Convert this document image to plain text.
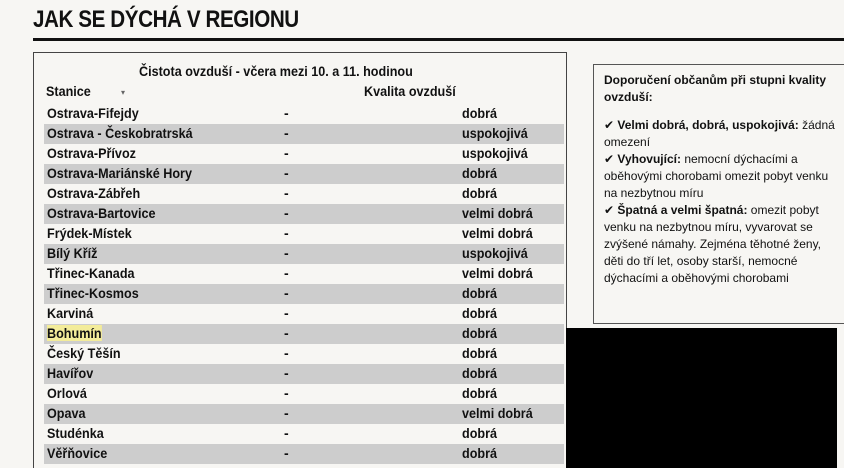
JAK SE DÝCHÁ V REGIONU
Čistota ovzduší - včera mezi 10. a 11. hodinou
Stanice	▾	Kvalita ovzduší
Ostrava-Fifejdy	-	dobrá
Ostrava - Českobratrská	-	uspokojivá
Ostrava-Přívoz	-	uspokojivá
Ostrava-Mariánské Hory	-	dobrá
Ostrava-Zábřeh	-	dobrá
Ostrava-Bartovice	-	velmi dobrá
Frýdek-Místek	-	velmi dobrá
Bílý Kříž	-	uspokojivá
Třinec-Kanada	-	velmi dobrá
Třinec-Kosmos	-	dobrá
Karviná	-	dobrá
Bohumín	-	dobrá
Český Těšín	-	dobrá
Havířov	-	dobrá
Orlová	-	dobrá
Opava	-	velmi dobrá
Studénka	-	dobrá
Věřňovice	-	dobrá
Doporučení občanům při stupni kvality ovzduší:

✔ Velmi dobrá, dobrá, uspokojivá: žádná omezení

✔ Vyhovující: nemocní dýchacími a oběhovými chorobami omezit pobyt venku na nezbytnou míru

✔ Špatná a velmi špatná: omezit pobyt venku na nezbytnou míru, vyvarovat se zvýšené námahy. Zejména těhotné ženy, děti do tří let, osoby starší, nemocné dýchacími a oběhovými chorobami
